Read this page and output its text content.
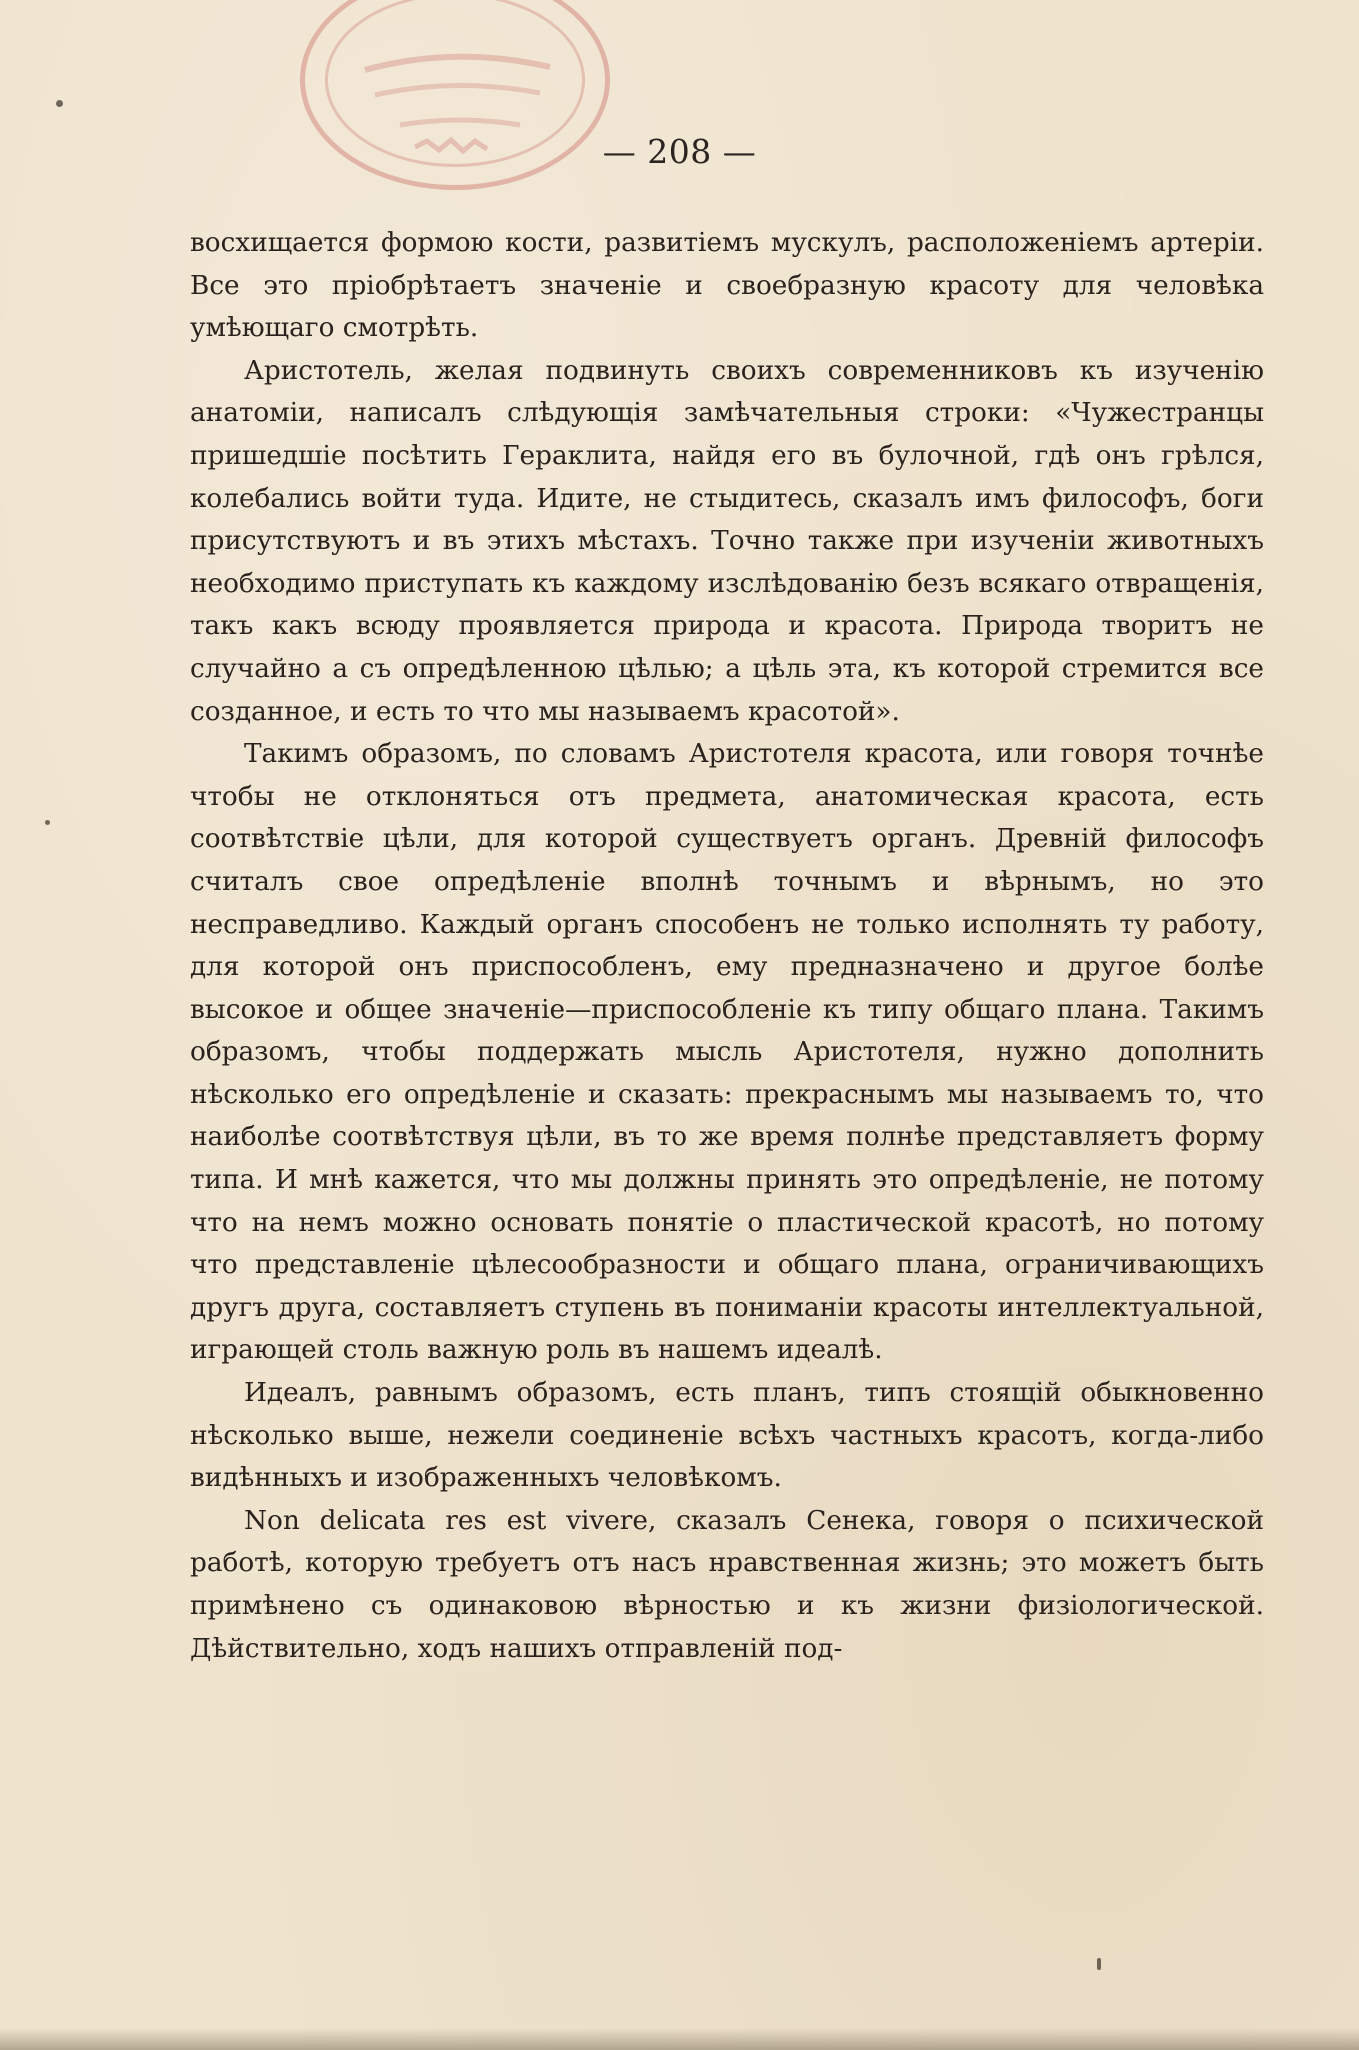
— 208 —

восхищается формою кости, развитіемъ мускулъ, расположеніемъ артеріи. Все это пріобрѣтаетъ значеніе и своебразную красоту для человѣка умѣющаго смотрѣть.

Аристотель, желая подвинуть своихъ современниковъ къ изученію анатоміи, написалъ слѣдующія замѣчательныя строки: «Чужестранцы пришедшіе посѣтить Гераклита, найдя его въ булочной, гдѣ онъ грѣлся, колебались войти туда. Идите, не стыдитесь, сказалъ имъ философъ, боги присутствуютъ и въ этихъ мѣстахъ. Точно также при изученіи животныхъ необходимо приступать къ каждому изслѣдованію безъ всякаго отвращенія, такъ какъ всюду проявляется природа и красота. Природа творитъ не случайно а съ опредѣленною цѣлью; а цѣль эта, къ которой стремится все созданное, и есть то что мы называемъ красотой».

Такимъ образомъ, по словамъ Аристотеля красота, или говоря точнѣе чтобы не отклоняться отъ предмета, анатомическая красота, есть соотвѣтствіе цѣли, для которой существуетъ органъ. Древній философъ считалъ свое опредѣленіе вполнѣ точнымъ и вѣрнымъ, но это несправедливо. Каждый органъ способенъ не только исполнять ту работу, для которой онъ приспособленъ, ему предназначено и другое болѣе высокое и общее значеніе—приспособленіе къ типу общаго плана. Такимъ образомъ, чтобы поддержать мысль Аристотеля, нужно дополнить нѣсколько его опредѣленіе и сказать: прекраснымъ мы называемъ то, что наиболѣе соотвѣтствуя цѣли, въ то же время полнѣе представляетъ форму типа. И мнѣ кажется, что мы должны принять это опредѣленіе, не потому что на немъ можно основать понятіе о пластической красотѣ, но потому что представленіе цѣлесообразности и общаго плана, ограничивающихъ другъ друга, составляетъ ступень въ пониманіи красоты интеллектуальной, играющей столь важную роль въ нашемъ идеалѣ.

Идеалъ, равнымъ образомъ, есть планъ, типъ стоящій обыкновенно нѣсколько выше, нежели соединеніе всѣхъ частныхъ красотъ, когда-либо видѣнныхъ и изображенныхъ человѣкомъ.

Non delicata res est vivere, сказалъ Сенека, говоря о психической работѣ, которую требуетъ отъ насъ нравственная жизнь; это можетъ быть примѣнено съ одинаковою вѣрностью и къ жизни физіологической. Дѣйствительно, ходъ нашихъ отправленій под-
